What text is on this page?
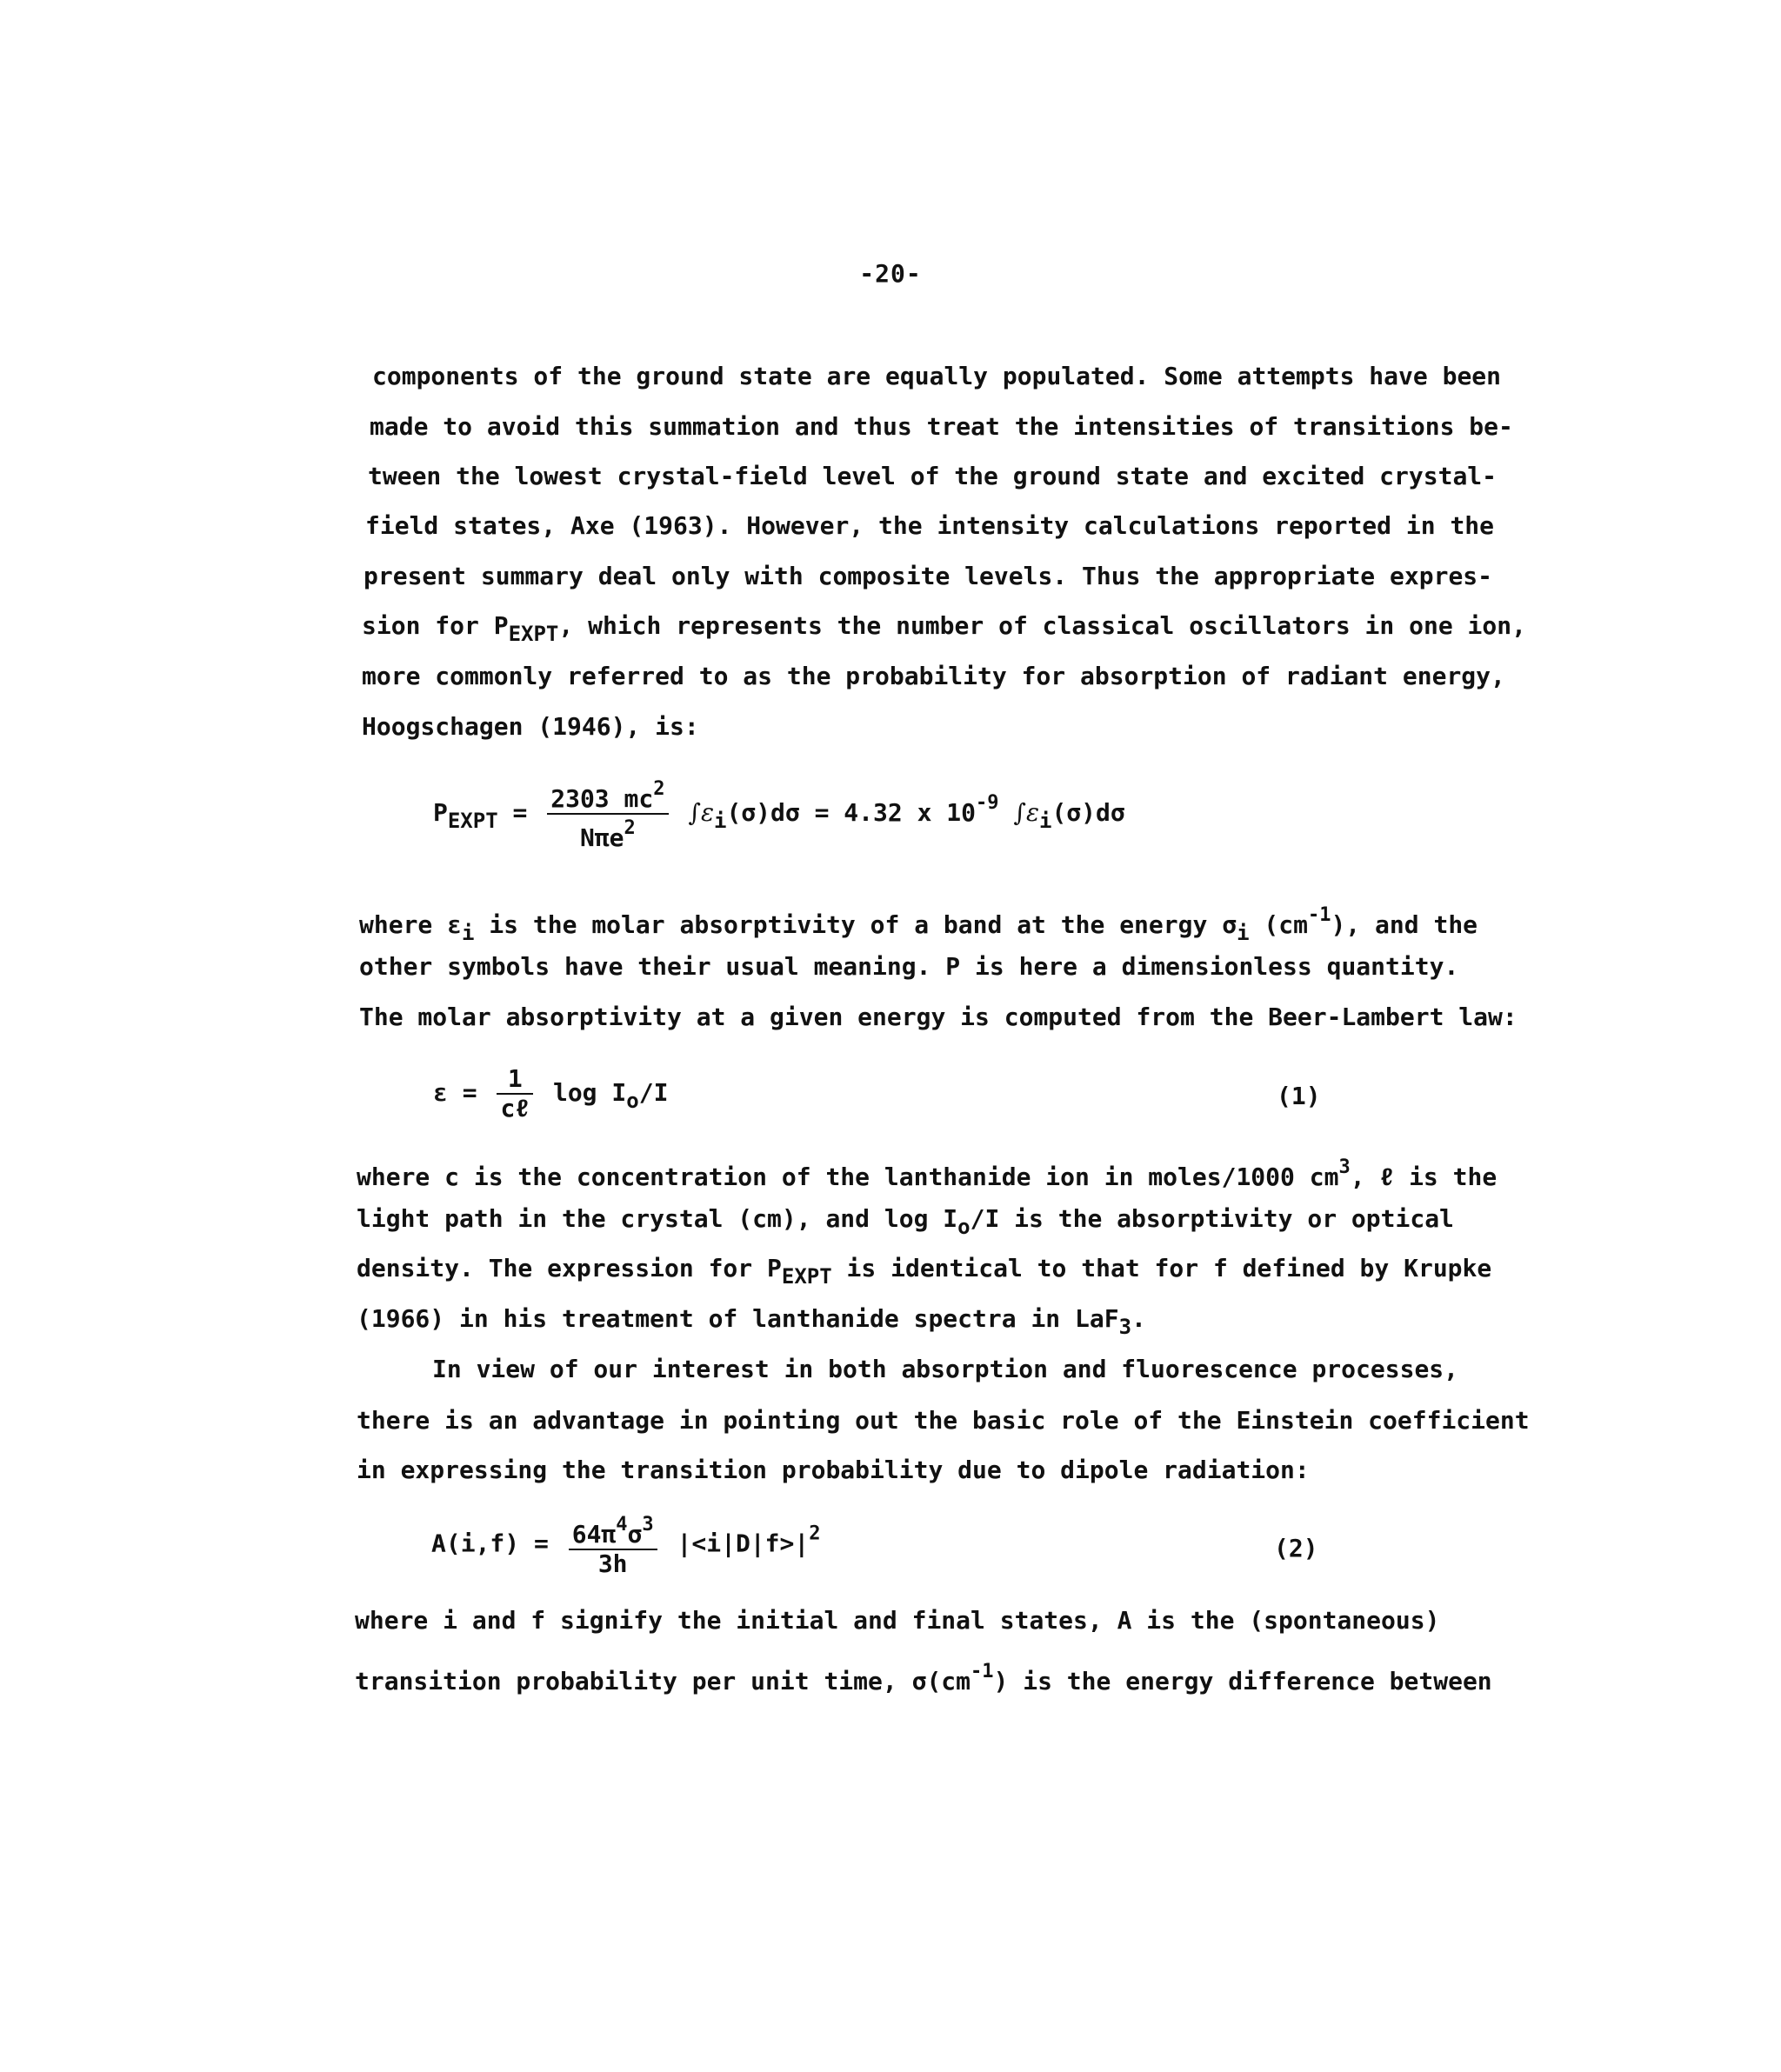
-20-
components of the ground state are equally populated. Some attempts have been
made to avoid this summation and thus treat the intensities of transitions be-
tween the lowest crystal-field level of the ground state and excited crystal-
field states, Axe (1963). However, the intensity calculations reported in the
present summary deal only with composite levels. Thus the appropriate expres-
sion for $P_{EXPT}$, which represents the number of classical oscillators in one ion,
more commonly referred to as the probability for absorption of radiant energy,
Hoogschagen (1946), is:
$P_{EXPT} = \frac{2303 mc^2}{N\pi e^2} \int\varepsilon_i(\sigma)d\sigma = 4.32$ x $10^{-9}$ $\int\varepsilon_i(\sigma)d\sigma$
where $\varepsilon_i$ is the molar absorptivity of a band at the energy $\sigma_i$ $(cm^{-1})$, and the
other symbols have their usual meaning. P is here a dimensionless quantity.
The molar absorptivity at a given energy is computed from the Beer-Lambert law:
$\varepsilon = \frac{1}{\text{cℓ}}$ $\log I_o/I$	(1)
where c is the concentration of the lanthanide ion in moles/1000 $cm^3$, ℓ is the
light path in the crystal (cm), and $\log I_o/I$ is the absorptivity or optical
density. The expression for $P_{EXPT}$ is identical to that for f defined by Krupke
(1966) in his treatment of lanthanide spectra in LaF$_3$.
In view of our interest in both absorption and fluorescence processes,
there is an advantage in pointing out the basic role of the Einstein coefficient
in expressing the transition probability due to dipole radiation:
$A(i,f) = \frac{64\pi^4\sigma^3}{3h} |<i|D|f>|^2$	(2)
where i and f signify the initial and final states, A is the (spontaneous)
transition probability per unit time, $\sigma(cm^{-1})$ is the energy difference between
